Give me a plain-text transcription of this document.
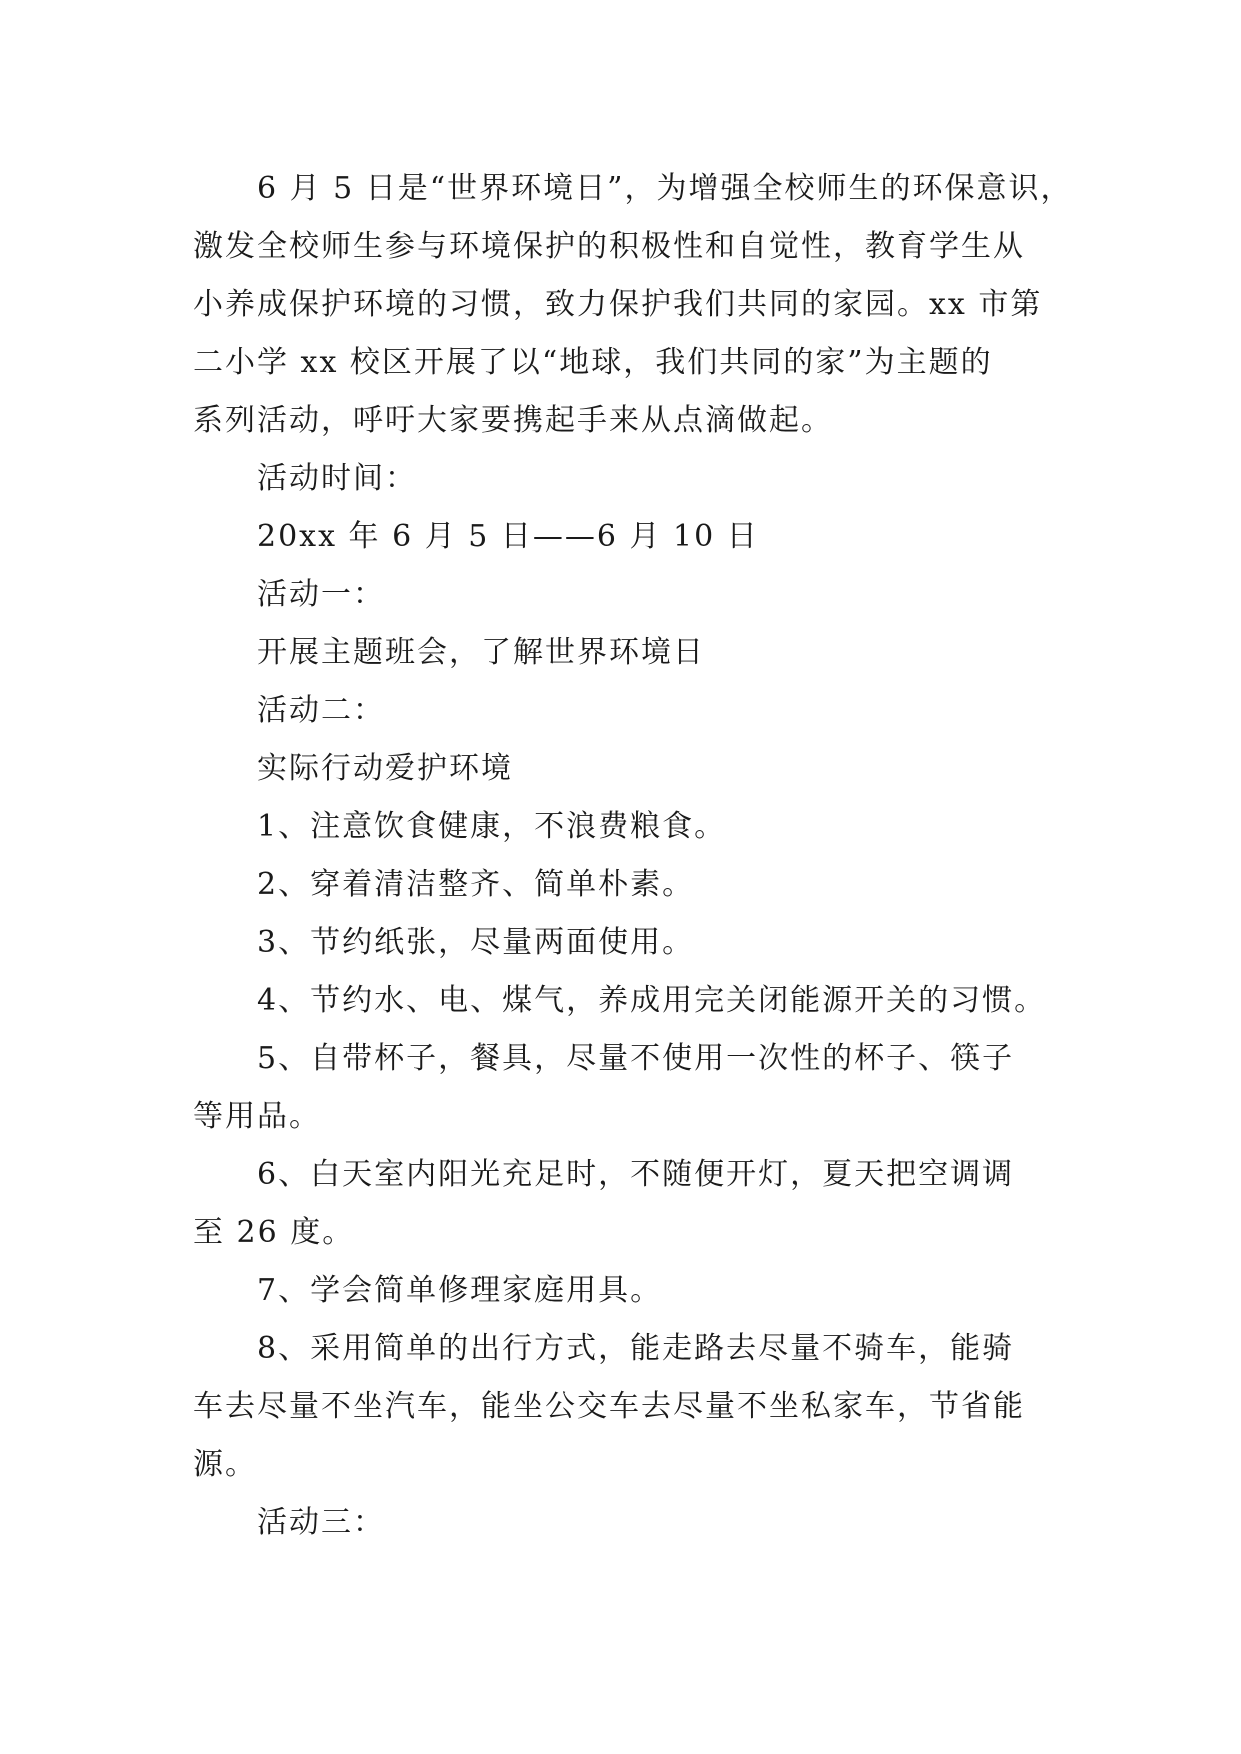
6 月 5 日是“世界环境日”，为增强全校师生的环保意识，
激发全校师生参与环境保护的积极性和自觉性，教育学生从
小养成保护环境的习惯，致力保护我们共同的家园。xx 市第
二小学 xx 校区开展了以“地球，我们共同的家”为主题的
系列活动，呼吁大家要携起手来从点滴做起。

活动时间：

20xx 年 6 月 5 日——6 月 10 日

活动一：

开展主题班会，了解世界环境日

活动二：

实际行动爱护环境

1、注意饮食健康，不浪费粮食。

2、穿着清洁整齐、简单朴素。

3、节约纸张，尽量两面使用。

4、节约水、电、煤气，养成用完关闭能源开关的习惯。

5、自带杯子，餐具，尽量不使用一次性的杯子、筷子
等用品。

6、白天室内阳光充足时，不随便开灯，夏天把空调调
至 26 度。

7、学会简单修理家庭用具。

8、采用简单的出行方式，能走路去尽量不骑车，能骑
车去尽量不坐汽车，能坐公交车去尽量不坐私家车，节省能
源。

活动三：
